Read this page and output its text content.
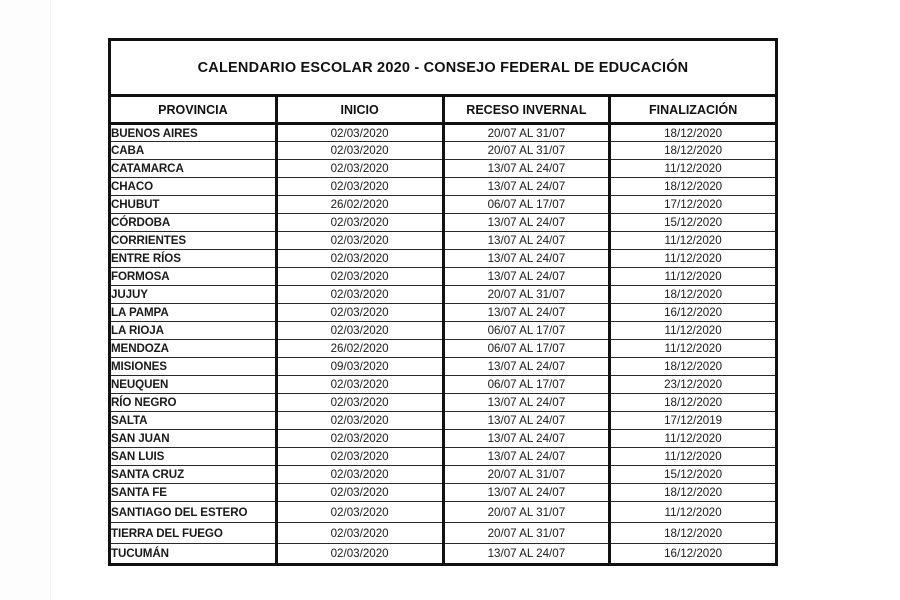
CALENDARIO ESCOLAR 2020 - CONSEJO FEDERAL DE EDUCACIÓN			
PROVINCIA	INICIO	RECESO INVERNAL	FINALIZACIÓN
BUENOS AIRES	02/03/2020	20/07 AL 31/07	18/12/2020
CABA	02/03/2020	20/07 AL 31/07	18/12/2020
CATAMARCA	02/03/2020	13/07 AL 24/07	11/12/2020
CHACO	02/03/2020	13/07 AL 24/07	18/12/2020
CHUBUT	26/02/2020	06/07 AL 17/07	17/12/2020
CÓRDOBA	02/03/2020	13/07 AL 24/07	15/12/2020
CORRIENTES	02/03/2020	13/07 AL 24/07	11/12/2020
ENTRE RÍOS	02/03/2020	13/07 AL 24/07	11/12/2020
FORMOSA	02/03/2020	13/07 AL 24/07	11/12/2020
JUJUY	02/03/2020	20/07 AL 31/07	18/12/2020
LA PAMPA	02/03/2020	13/07 AL 24/07	16/12/2020
LA RIOJA	02/03/2020	06/07 AL 17/07	11/12/2020
MENDOZA	26/02/2020	06/07 AL 17/07	11/12/2020
MISIONES	09/03/2020	13/07 AL 24/07	18/12/2020
NEUQUEN	02/03/2020	06/07 AL 17/07	23/12/2020
RÍO NEGRO	02/03/2020	13/07 AL 24/07	18/12/2020
SALTA	02/03/2020	13/07 AL 24/07	17/12/2019
SAN JUAN	02/03/2020	13/07 AL 24/07	11/12/2020
SAN LUIS	02/03/2020	13/07 AL 24/07	11/12/2020
SANTA CRUZ	02/03/2020	20/07 AL 31/07	15/12/2020
SANTA FE	02/03/2020	13/07 AL 24/07	18/12/2020
SANTIAGO DEL ESTERO	02/03/2020	20/07 AL 31/07	11/12/2020
TIERRA DEL FUEGO	02/03/2020	20/07 AL 31/07	18/12/2020
TUCUMÁN	02/03/2020	13/07 AL 24/07	16/12/2020
